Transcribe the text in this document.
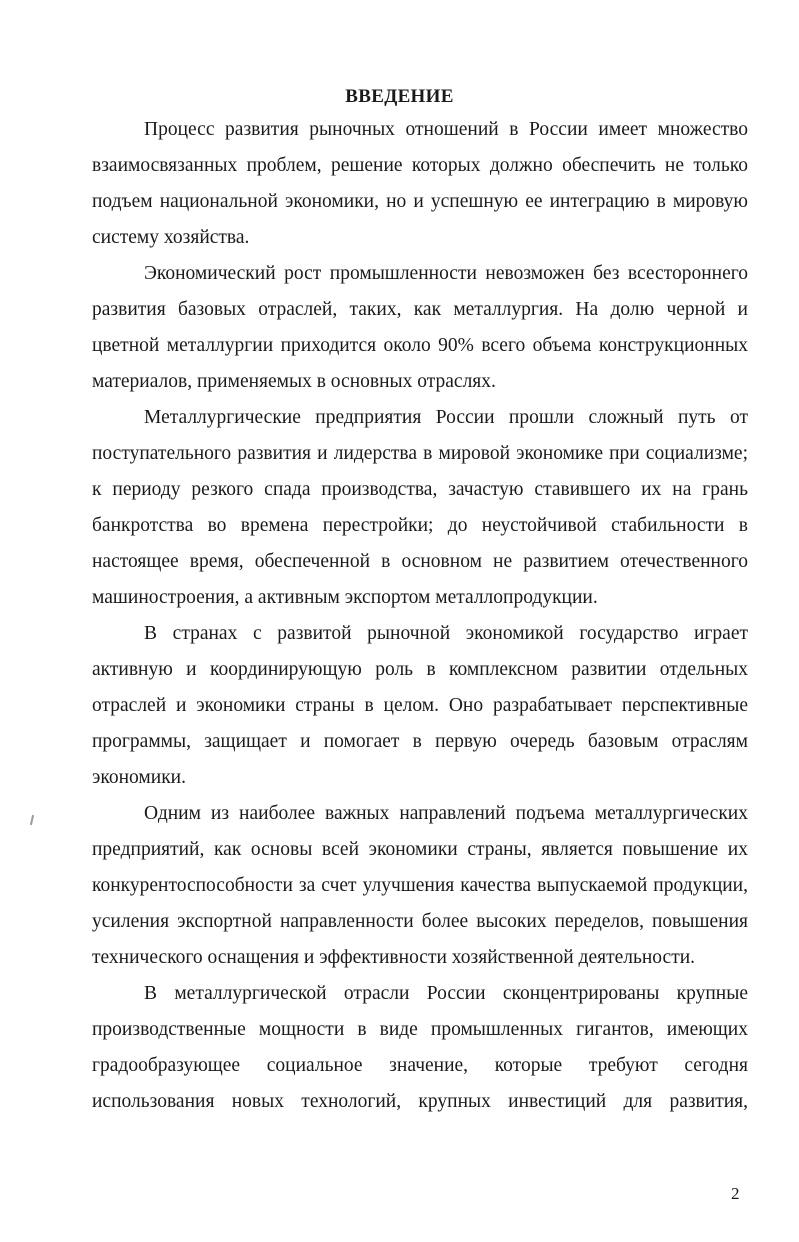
ВВЕДЕНИЕ

Процесс развития рыночных отношений в России имеет множество взаимосвязанных проблем, решение которых должно обеспечить не только подъем национальной экономики, но и успешную ее интеграцию в мировую систему хозяйства.

Экономический рост промышленности невозможен без всестороннего развития базовых отраслей, таких, как металлургия. На долю черной и цветной металлургии приходится около 90% всего объема конструкционных материалов, применяемых в основных отраслях.

Металлургические предприятия России прошли сложный путь от поступательного развития и лидерства в мировой экономике при социализме; к периоду резкого спада производства, зачастую ставившего их на грань банкротства во времена перестройки; до неустойчивой стабильности в настоящее время, обеспеченной в основном не развитием отечественного машиностроения, а активным экспортом металлопродукции.

В странах с развитой рыночной экономикой государство играет активную и координирующую роль в комплексном развитии отдельных отраслей и экономики страны в целом. Оно разрабатывает перспективные программы, защищает и помогает в первую очередь базовым отраслям экономики.

Одним из наиболее важных направлений подъема металлургических предприятий, как основы всей экономики страны, является повышение их конкурентоспособности за счет улучшения качества выпускаемой продукции, усиления экспортной направленности более высоких переделов, повышения технического оснащения и эффективности хозяйственной деятельности.

В металлургической отрасли России сконцентрированы крупные производственные мощности в виде промышленных гигантов, имеющих градообразующее социальное значение, которые требуют сегодня использования новых технологий, крупных инвестиций для развития,

2
